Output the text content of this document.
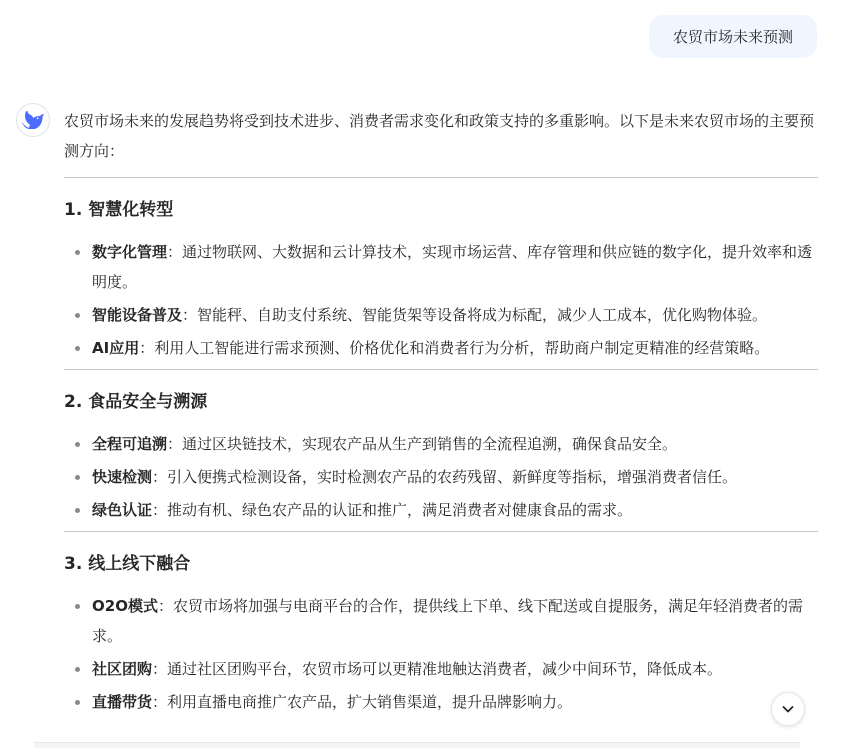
农贸市场未来预测

农贸市场未来的发展趋势将受到技术进步、消费者需求变化和政策支持的多重影响。以下是未来农贸市场的主要预测方向：

1. 智慧化转型
数字化管理：通过物联网、大数据和云计算技术，实现市场运营、库存管理和供应链的数字化，提升效率和透明度。
智能设备普及：智能秤、自助支付系统、智能货架等设备将成为标配，减少人工成本，优化购物体验。
AI应用：利用人工智能进行需求预测、价格优化和消费者行为分析，帮助商户制定更精准的经营策略。
2. 食品安全与溯源
全程可追溯：通过区块链技术，实现农产品从生产到销售的全流程追溯，确保食品安全。
快速检测：引入便携式检测设备，实时检测农产品的农药残留、新鲜度等指标，增强消费者信任。
绿色认证：推动有机、绿色农产品的认证和推广，满足消费者对健康食品的需求。
3. 线上线下融合
O2O模式：农贸市场将加强与电商平台的合作，提供线上下单、线下配送或自提服务，满足年轻消费者的需求。
社区团购：通过社区团购平台，农贸市场可以更精准地触达消费者，减少中间环节，降低成本。
直播带货：利用直播电商推广农产品，扩大销售渠道，提升品牌影响力。
